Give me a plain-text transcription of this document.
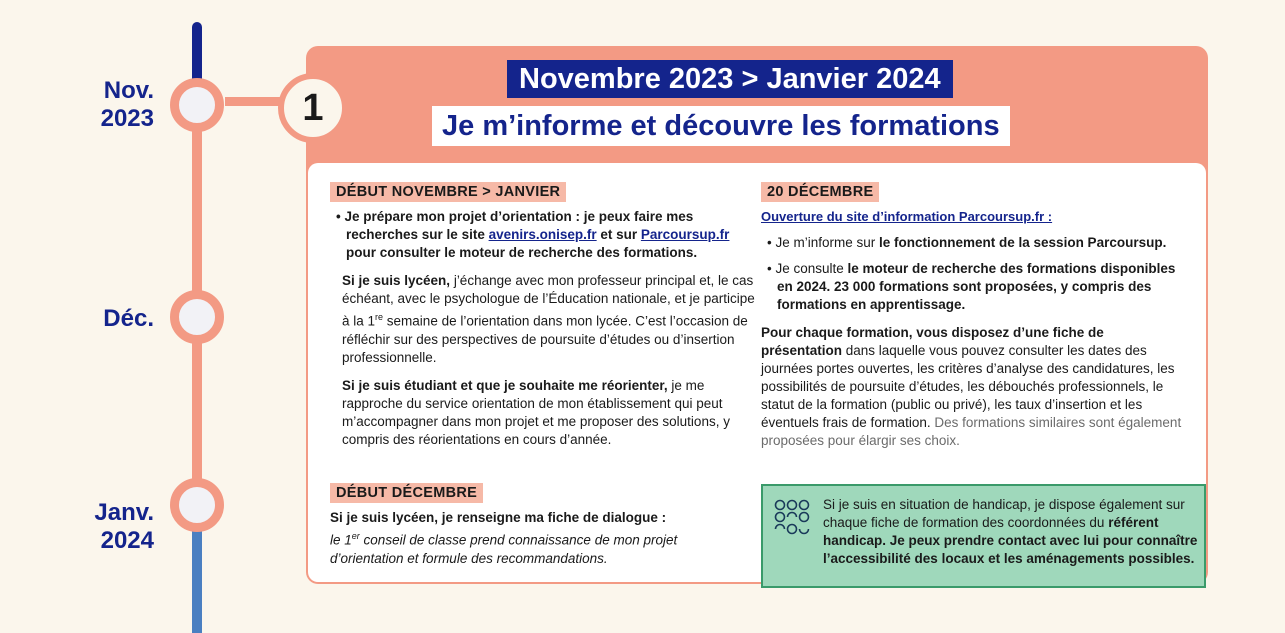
Nov.
2023
Déc.
Janv.
2024
1
Novembre 2023 > Janvier 2024
Je m’informe et découvre les formations
DÉBUT NOVEMBRE > JANVIER

• Je prépare mon projet d’orientation : je peux faire mes recherches sur le site avenirs.onisep.fr et sur Parcoursup.fr pour consulter le moteur de recherche des formations.

Si je suis lycéen, j’échange avec mon professeur principal et, le cas échéant, avec le psychologue de l’Éducation nationale, et je participe à la 1re semaine de l’orientation dans mon lycée. C’est l’occasion de réfléchir sur des perspectives de poursuite d’études ou d’insertion professionnelle.

Si je suis étudiant et que je souhaite me réorienter, je me rapproche du service orientation de mon établissement qui peut m’accompagner dans mon projet et me proposer des solutions, y compris des réorientations en cours d’année.

DÉBUT DÉCEMBRE

Si je suis lycéen, je renseigne ma fiche de dialogue :

le 1er conseil de classe prend connaissance de mon projet d’orientation et formule des recommandations.

20 DÉCEMBRE

Ouverture du site d’information Parcoursup.fr :

• Je m’informe sur le fonctionnement de la session Parcoursup.

• Je consulte le moteur de recherche des formations disponibles en 2024. 23 000 formations sont proposées, y compris des formations en apprentissage.

Pour chaque formation, vous disposez d’une fiche de présentation dans laquelle vous pouvez consulter les dates des journées portes ouvertes, les critères d’analyse des candidatures, les possibilités de poursuite d’études, les débouchés professionnels, le statut de la formation (public ou privé), les taux d’insertion et les éventuels frais de formation. Des formations similaires sont également proposées pour élargir ses choix.

Si je suis en situation de handicap, je dispose également sur chaque fiche de formation des coordonnées du référent handicap. Je peux prendre contact avec lui pour connaître l’accessibilité des locaux et les aménagements possibles.
